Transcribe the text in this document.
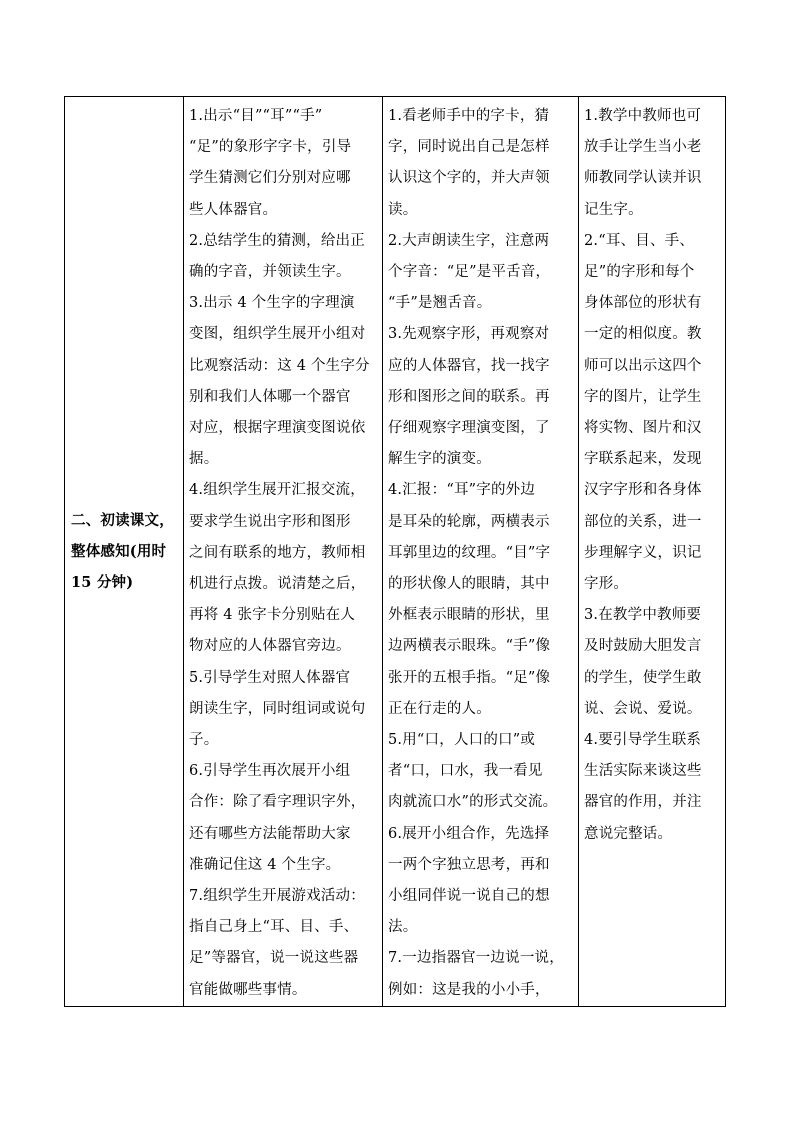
二、初读课文，
整体感知(用时
15 分钟)

1.出示“目”“耳”“手”
“足”的象形字字卡，引导
学生猜测它们分别对应哪
些人体器官。
2.总结学生的猜测，给出正
确的字音，并领读生字。
3.出示 4 个生字的字理演
变图，组织学生展开小组对
比观察活动：这 4 个生字分
别和我们人体哪一个器官
对应，根据字理演变图说依
据。
4.组织学生展开汇报交流，
要求学生说出字形和图形
之间有联系的地方，教师相
机进行点拨。说清楚之后，
再将 4 张字卡分别贴在人
物对应的人体器官旁边。
5.引导学生对照人体器官
朗读生字，同时组词或说句
子。
6.引导学生再次展开小组
合作：除了看字理识字外，
还有哪些方法能帮助大家
准确记住这 4 个生字。
7.组织学生开展游戏活动：
指自己身上“耳、目、手、
足”等器官，说一说这些器
官能做哪些事情。

1.看老师手中的字卡，猜
字，同时说出自己是怎样
认识这个字的，并大声领
读。
2.大声朗读生字，注意两
个字音：“足”是平舌音，
“手”是翘舌音。
3.先观察字形，再观察对
应的人体器官，找一找字
形和图形之间的联系。再
仔细观察字理演变图，了
解生字的演变。
4.汇报：“耳”字的外边
是耳朵的轮廓，两横表示
耳郭里边的纹理。“目”字
的形状像人的眼睛，其中
外框表示眼睛的形状，里
边两横表示眼珠。“手”像
张开的五根手指。“足”像
正在行走的人。
5.用“口，人口的口”或
者“口，口水，我一看见
肉就流口水”的形式交流。
6.展开小组合作，先选择
一两个字独立思考，再和
小组同伴说一说自己的想
法。
7.一边指器官一边说一说，
例如：这是我的小小手，

1.教学中教师也可
放手让学生当小老
师教同学认读并识
记生字。
2.“耳、目、手、
足”的字形和每个
身体部位的形状有
一定的相似度。教
师可以出示这四个
字的图片，让学生
将实物、图片和汉
字联系起来，发现
汉字字形和各身体
部位的关系，进一
步理解字义，识记
字形。
3.在教学中教师要
及时鼓励大胆发言
的学生，使学生敢
说、会说、爱说。
4.要引导学生联系
生活实际来谈这些
器官的作用，并注
意说完整话。
